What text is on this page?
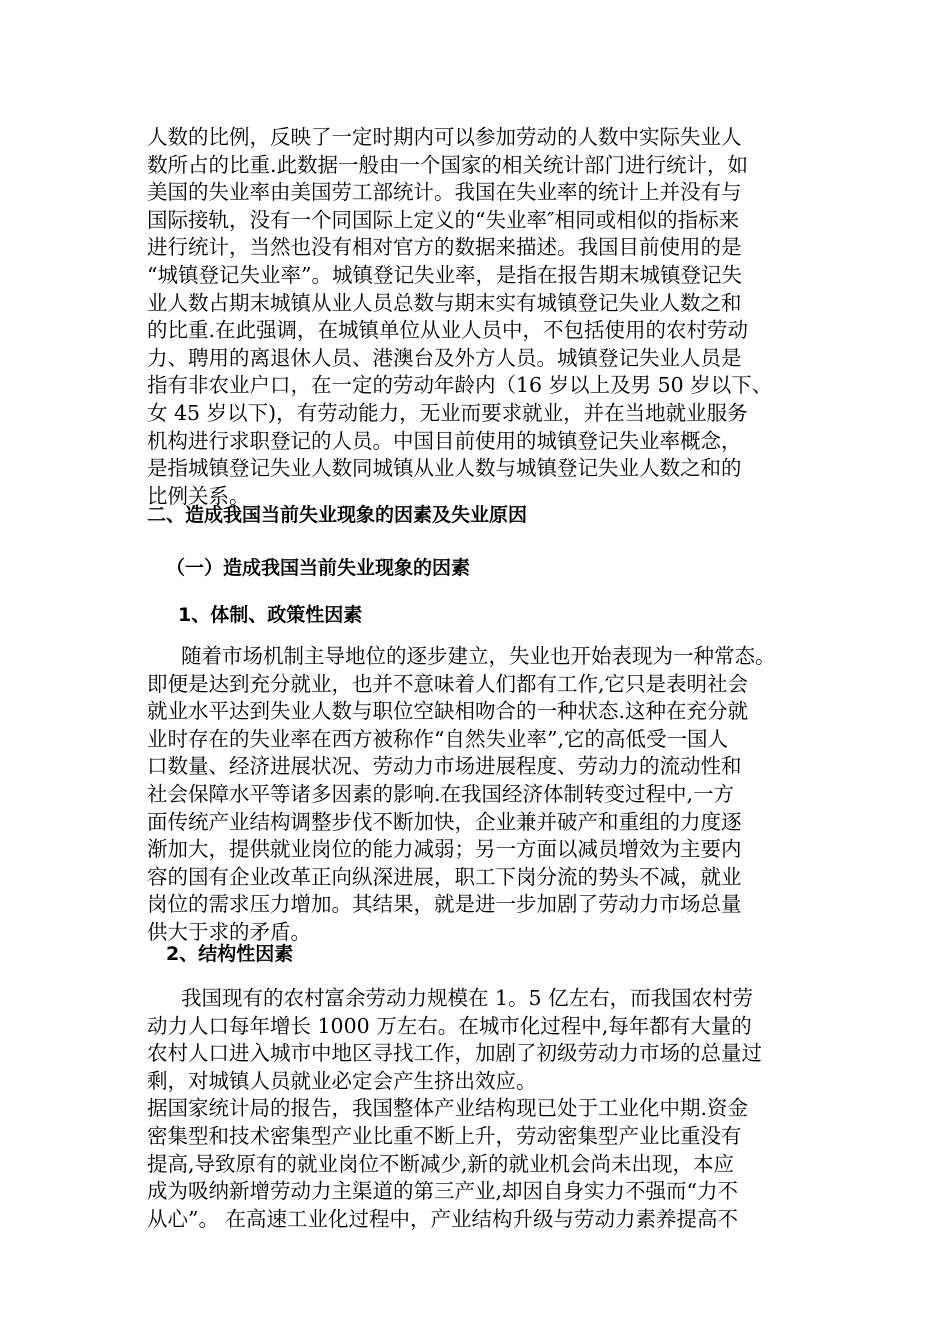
人数的比例，反映了一定时期内可以参加劳动的人数中实际失业人
数所占的比重.此数据一般由一个国家的相关统计部门进行统计，如
美国的失业率由美国劳工部统计。我国在失业率的统计上并没有与
国际接轨，没有一个同国际上定义的“失业率″相同或相似的指标来
进行统计，当然也没有相对官方的数据来描述。我国目前使用的是
“城镇登记失业率”。城镇登记失业率，是指在报告期末城镇登记失
业人数占期末城镇从业人员总数与期末实有城镇登记失业人数之和
的比重.在此强调，在城镇单位从业人员中，不包括使用的农村劳动
力、聘用的离退休人员、港澳台及外方人员。城镇登记失业人员是
指有非农业户口，在一定的劳动年龄内（16 岁以上及男 50 岁以下、
女 45 岁以下)，有劳动能力，无业而要求就业，并在当地就业服务
机构进行求职登记的人员。中国目前使用的城镇登记失业率概念，
是指城镇登记失业人数同城镇从业人数与城镇登记失业人数之和的
比例关系。
二、造成我国当前失业现象的因素及失业原因
（一）造成我国当前失业现象的因素
1、体制、政策性因素
随着市场机制主导地位的逐步建立，失业也开始表现为一种常态。
即便是达到充分就业，也并不意味着人们都有工作,它只是表明社会
就业水平达到失业人数与职位空缺相吻合的一种状态.这种在充分就
业时存在的失业率在西方被称作“自然失业率”,它的高低受一国人
口数量、经济进展状况、劳动力市场进展程度、劳动力的流动性和
社会保障水平等诸多因素的影响.在我国经济体制转变过程中,一方
面传统产业结构调整步伐不断加快，企业兼并破产和重组的力度逐
渐加大，提供就业岗位的能力减弱；另一方面以减员增效为主要内
容的国有企业改革正向纵深进展，职工下岗分流的势头不减，就业
岗位的需求压力增加。其结果，就是进一步加剧了劳动力市场总量
供大于求的矛盾。
2、结构性因素
我国现有的农村富余劳动力规模在 1。5 亿左右，而我国农村劳
动力人口每年增长 1000 万左右。在城市化过程中,每年都有大量的
农村人口进入城市中地区寻找工作，加剧了初级劳动力市场的总量过
剩，对城镇人员就业必定会产生挤出效应。
据国家统计局的报告，我国整体产业结构现已处于工业化中期.资金
密集型和技术密集型产业比重不断上升，劳动密集型产业比重没有
提高,导致原有的就业岗位不断减少,新的就业机会尚未出现，本应
成为吸纳新增劳动力主渠道的第三产业,却因自身实力不强而“力不
从心”。 在高速工业化过程中，产业结构升级与劳动力素养提高不
